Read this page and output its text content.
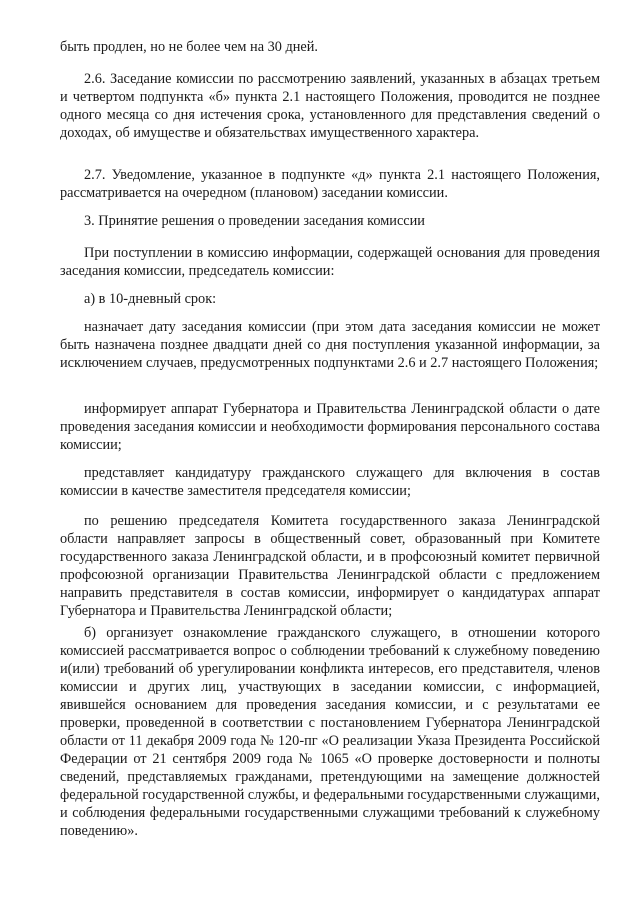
быть продлен, но не более чем на 30 дней.

2.6. Заседание комиссии по рассмотрению заявлений, указанных в абзацах третьем и четвертом подпункта «б» пункта 2.1 настоящего Положения, проводится не позднее одного месяца со дня истечения срока, установленного для представления сведений о доходах, об имуществе и обязательствах имущественного характера.

2.7. Уведомление, указанное в подпункте «д» пункта 2.1 настоящего Положения, рассматривается на очередном (плановом) заседании комиссии.

3. Принятие решения о проведении заседания комиссии

При поступлении в комиссию информации, содержащей основания для проведения заседания комиссии, председатель комиссии:

а) в 10-дневный срок:

назначает дату заседания комиссии (при этом дата заседания комиссии не может быть назначена позднее двадцати дней со дня поступления указанной информации, за исключением случаев, предусмотренных подпунктами 2.6 и 2.7 настоящего Положения;

информирует аппарат Губернатора и Правительства Ленинградской области о дате проведения заседания комиссии и необходимости формирования персонального состава комиссии;

представляет кандидатуру гражданского служащего для включения в состав комиссии в качестве заместителя председателя комиссии;

по решению председателя Комитета государственного заказа Ленинградской области направляет запросы в общественный совет, образованный при Комитете государственного заказа Ленинградской области, и в профсоюзный комитет первичной профсоюзной организации Правительства Ленинградской области с предложением направить представителя в состав комиссии, информирует о кандидатурах аппарат Губернатора и Правительства Ленинградской области;

б) организует ознакомление гражданского служащего, в отношении которого комиссией рассматривается вопрос о соблюдении требований к служебному поведению и(или) требований об урегулировании конфликта интересов, его представителя, членов комиссии и других лиц, участвующих в заседании комиссии, с информацией, явившейся основанием для проведения заседания комиссии, и с результатами ее проверки, проведенной в соответствии с постановлением Губернатора Ленинградской области от 11 декабря 2009 года № 120-пг «О реализации Указа Президента Российской Федерации от 21 сентября 2009 года № 1065 «О проверке достоверности и полноты сведений, представляемых гражданами, претендующими на замещение должностей федеральной государственной службы, и федеральными государственными служащими, и соблюдения федеральными государственными служащими требований к служебному поведению».
